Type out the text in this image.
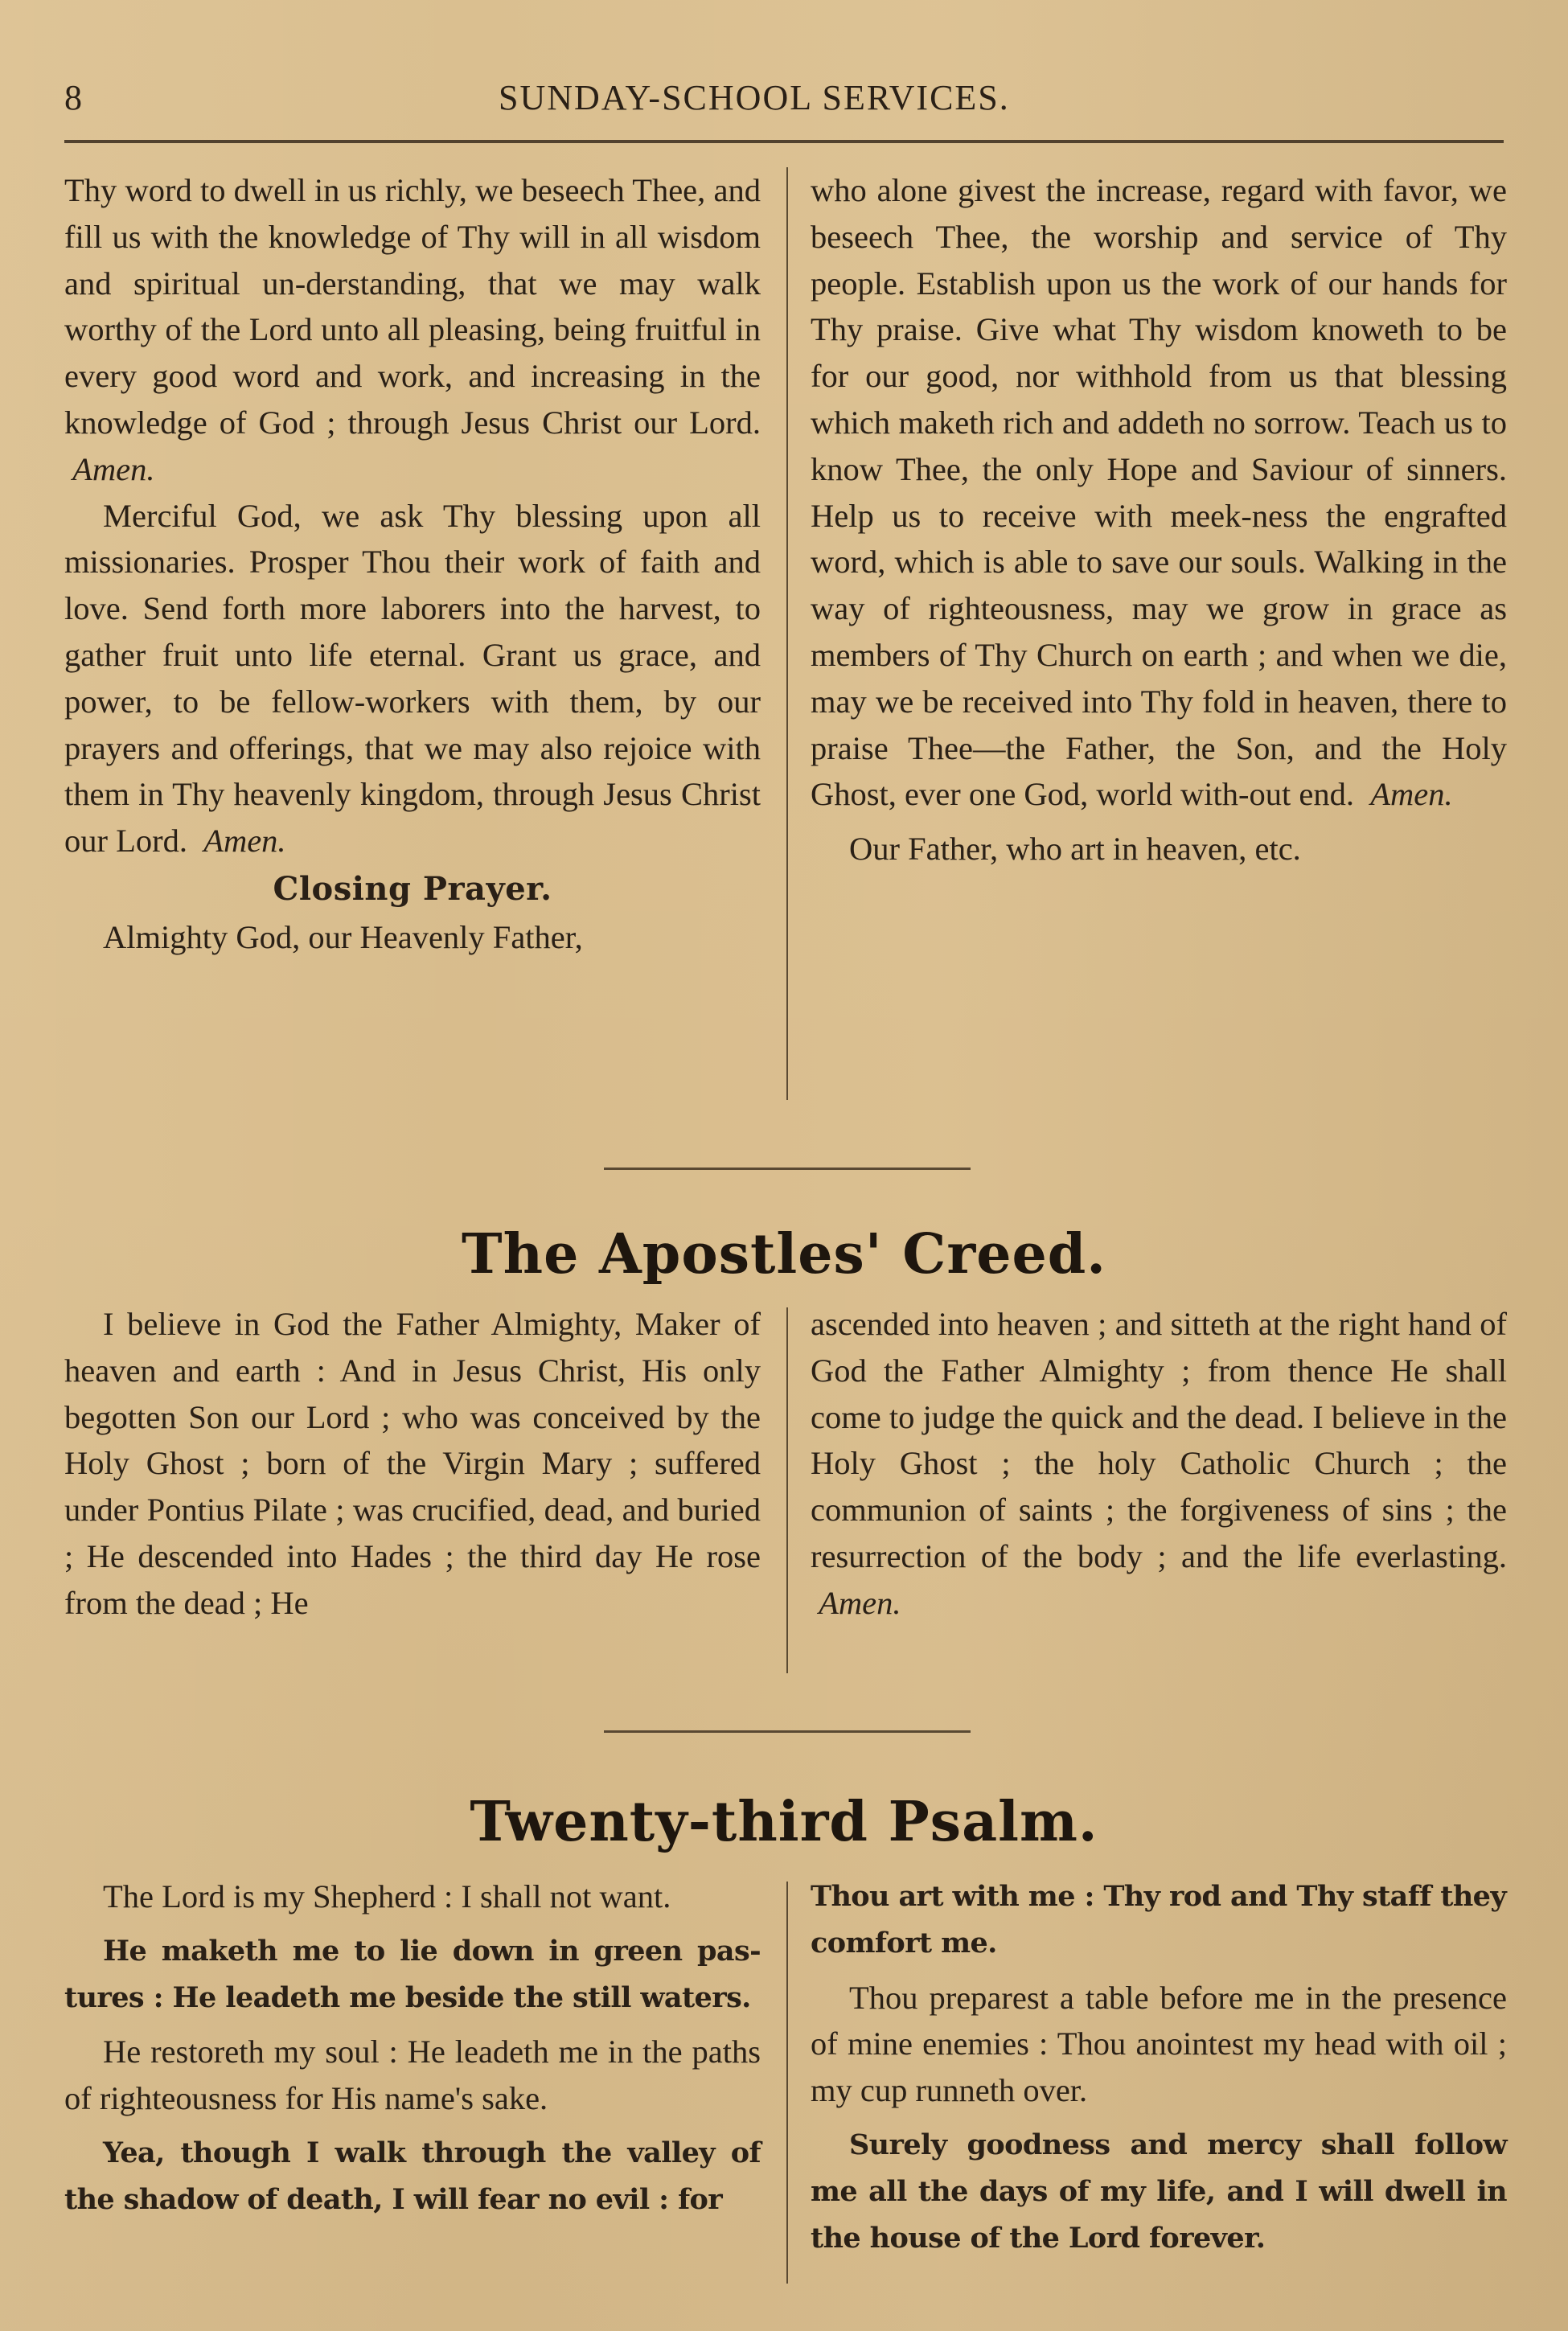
8	SUNDAY-SCHOOL SERVICES.

Thy word to dwell in us richly, we beseech Thee, and fill us with the knowledge of Thy will in all wisdom and spiritual un-derstanding, that we may walk worthy of the Lord unto all pleasing, being fruitful in every good word and work, and increasing in the knowledge of God ; through Jesus Christ our Lord.  Amen.

Merciful God, we ask Thy blessing upon all missionaries. Prosper Thou their work of faith and love. Send forth more laborers into the harvest, to gather fruit unto life eternal. Grant us grace, and power, to be fellow-workers with them, by our prayers and offerings, that we may also rejoice with them in Thy heavenly kingdom, through Jesus Christ our Lord. Amen.

Closing Prayer.

Almighty God, our Heavenly Father,

who alone givest the increase, regard with favor, we beseech Thee, the worship and service of Thy people. Establish upon us the work of our hands for Thy praise. Give what Thy wisdom knoweth to be for our good, nor withhold from us that blessing which maketh rich and addeth no sorrow. Teach us to know Thee, the only Hope and Saviour of sinners. Help us to receive with meek-ness the engrafted word, which is able to save our souls. Walking in the way of righteousness, may we grow in grace as members of Thy Church on earth ; and when we die, may we be received into Thy fold in heaven, there to praise Thee—the Father, the Son, and the Holy Ghost, ever one God, world with-out end. Amen.

Our Father, who art in heaven, etc.

The Apostles' Creed.

I believe in God the Father Almighty, Maker of heaven and earth : And in Jesus Christ, His only begotten Son our Lord ; who was conceived by the Holy Ghost ; born of the Virgin Mary ; suffered under Pontius Pilate ; was crucified, dead, and buried ; He descended into Hades ; the third day He rose from the dead ; He

ascended into heaven ; and sitteth at the right hand of God the Father Almighty ; from thence He shall come to judge the quick and the dead. I believe in the Holy Ghost ; the holy Catholic Church ; the communion of saints ; the forgiveness of sins ; the resurrection of the body ; and the life everlasting.  Amen.

Twenty-third Psalm.

The Lord is my Shepherd : I shall not want.

He maketh me to lie down in green pas-tures : He leadeth me beside the still waters.

He restoreth my soul : He leadeth me in the paths of righteousness for His name's sake.

Yea, though I walk through the valley of the shadow of death, I will fear no evil : for

Thou art with me : Thy rod and Thy staff they comfort me.

Thou preparest a table before me in the presence of mine enemies : Thou anointest my head with oil ; my cup runneth over.

Surely goodness and mercy shall follow me all the days of my life, and I will dwell in the house of the Lord forever.
